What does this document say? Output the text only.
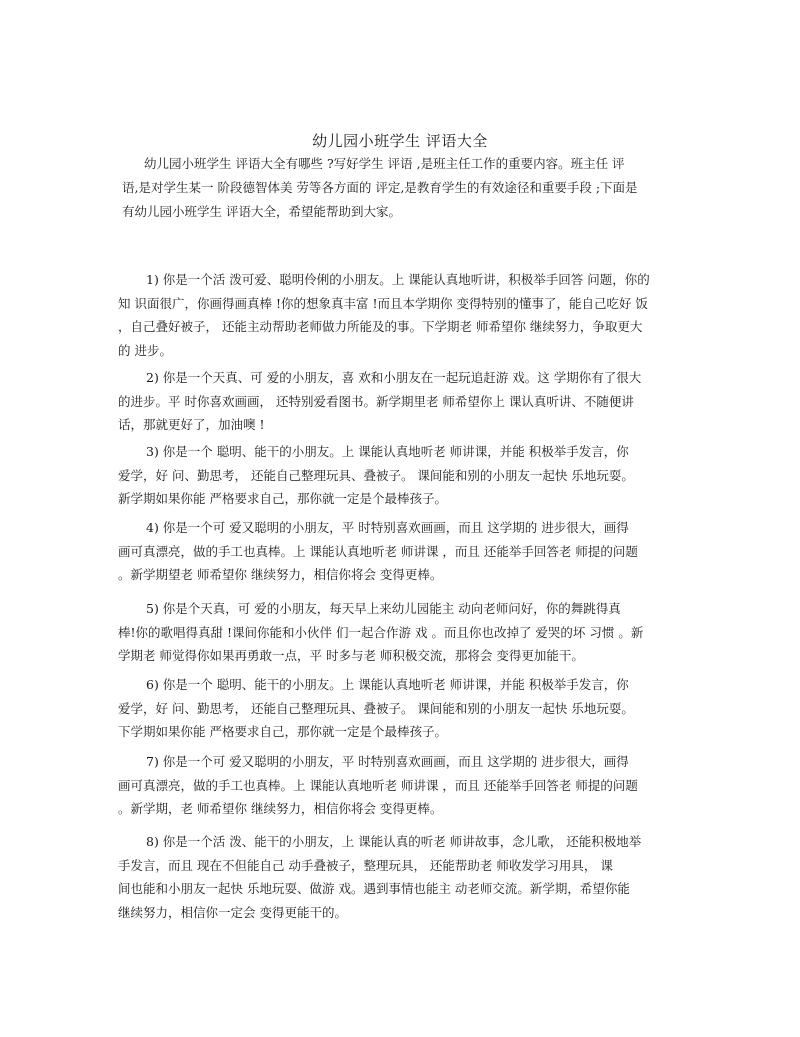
幼儿园小班学生 评语大全
幼儿园小班学生 评语大全有哪些 ?写好学生 评语 ,是班主任工作的重要内容。班主任 评
语,是对学生某一 阶段德智体美 劳等各方面的 评定,是教育学生的有效途径和重要手段 ;下面是
有幼儿园小班学生 评语大全，希望能帮助到大家。
1) 你是一个活 泼可爱、聪明伶俐的小朋友。上 课能认真地听讲，积极举手回答 问题，你的
知 识面很广，你画得画真棒 !你的想象真丰富 !而且本学期你 变得特别的懂事了，能自己吃好 饭
，自己叠好被子， 还能主动帮助老师做力所能及的事。下学期老 师希望你 继续努力，争取更大
的 进步。
2) 你是一个天真、可 爱的小朋友，喜 欢和小朋友在一起玩追赶游 戏。这 学期你有了很大
的进步。平 时你喜欢画画， 还特别爱看图书。新学期里老 师希望你上 课认真听讲、不随便讲
话，那就更好了，加油噢 !
3) 你是一个 聪明、能干的小朋友。上 课能认真地听老 师讲课，并能 积极举手发言，你
爱学，好 问、勤思考， 还能自己整理玩具、叠被子。 课间能和别的小朋友一起快 乐地玩耍。
新学期如果你能 严格要求自己，那你就一定是个最棒孩子。
4) 你是一个可 爱又聪明的小朋友，平 时特别喜欢画画，而且 这学期的 进步很大，画得
画可真漂亮，做的手工也真棒。上 课能认真地听老 师讲课 ，而且 还能举手回答老 师提的问题
。新学期望老 师希望你 继续努力，相信你将会 变得更棒。
5) 你是个天真，可 爱的小朋友，每天早上来幼儿园能主 动向老师问好，你的舞跳得真
棒!你的歌唱得真甜 !课间你能和小伙伴 们一起合作游 戏 。而且你也改掉了 爱哭的坏 习惯 。新
学期老 师觉得你如果再勇敢一点，平 时多与老 师积极交流，那将会 变得更加能干。
6) 你是一个 聪明、能干的小朋友。上 课能认真地听老 师讲课，并能 积极举手发言，你
爱学，好 问、勤思考， 还能自己整理玩具、叠被子。 课间能和别的小朋友一起快 乐地玩耍。
下学期如果你能 严格要求自己，那你就一定是个最棒孩子。
7) 你是一个可 爱又聪明的小朋友，平 时特别喜欢画画，而且 这学期的 进步很大，画得
画可真漂亮，做的手工也真棒。上 课能认真地听老 师讲课 ，而且 还能举手回答老 师提的问题
。新学期，老 师希望你 继续努力，相信你将会 变得更棒。
8) 你是一个活 泼、能干的小朋友，上 课能认真的听老 师讲故事，念儿歌， 还能积极地举
手发言，而且 现在不但能自己 动手叠被子，整理玩具， 还能帮助老 师收发学习用具， 课
间也能和小朋友一起快 乐地玩耍、做游 戏。遇到事情也能主 动老师交流。新学期，希望你能
继续努力，相信你一定会 变得更能干的。
